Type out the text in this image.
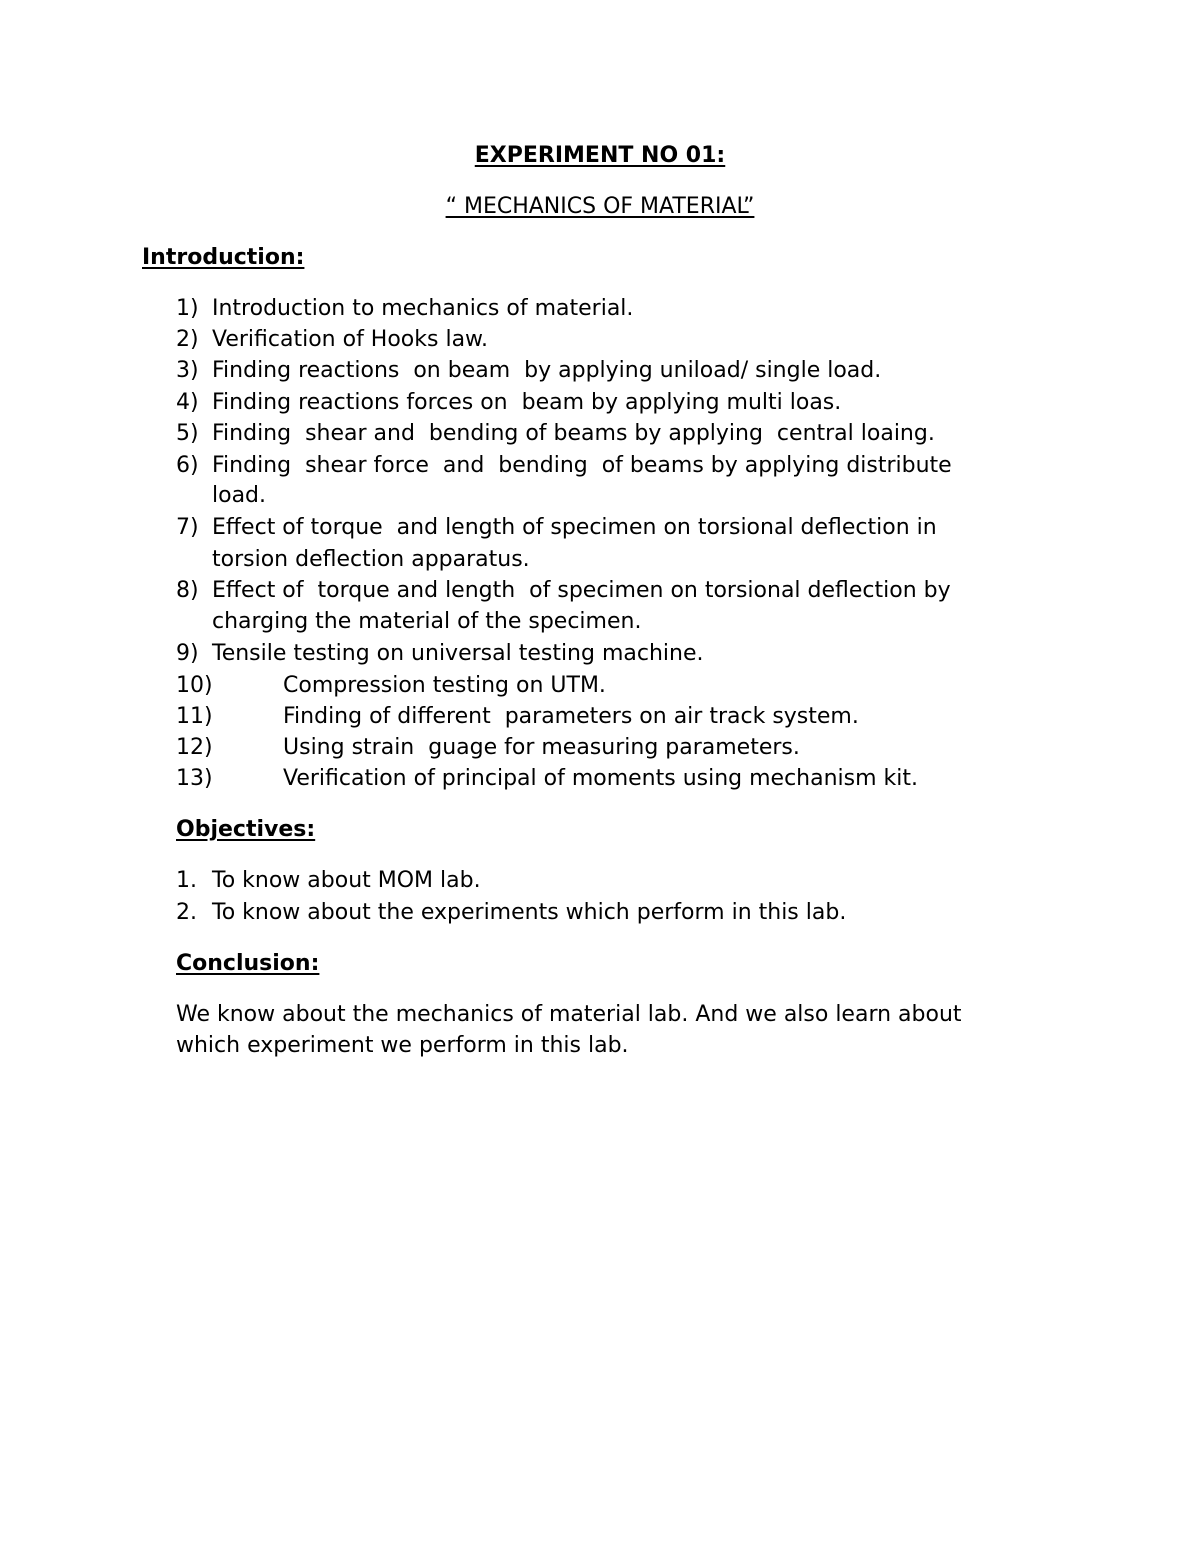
EXPERIMENT NO 01:
“ MECHANICS OF MATERIAL”
Introduction:
1) Introduction to mechanics of material.
2) Verification of Hooks law.
3) Finding reactions  on beam  by applying uniload/ single load.
4) Finding reactions forces on  beam by applying multi loas.
5) Finding  shear and  bending of beams by applying  central loaing.
6) Finding  shear force  and  bending  of beams by applying distribute
load.
7) Effect of torque  and length of specimen on torsional deflection in
torsion deflection apparatus.
8) Effect of  torque and length  of specimen on torsional deflection by
charging the material of the specimen.
9) Tensile testing on universal testing machine.
10)	Compression testing on UTM.
11)	Finding of different  parameters on air track system.
12)	Using strain  guage for measuring parameters.
13)	Verification of principal of moments using mechanism kit.
Objectives:
1. To know about MOM lab.
2. To know about the experiments which perform in this lab.
Conclusion:
We know about the mechanics of material lab. And we also learn about
which experiment we perform in this lab.
